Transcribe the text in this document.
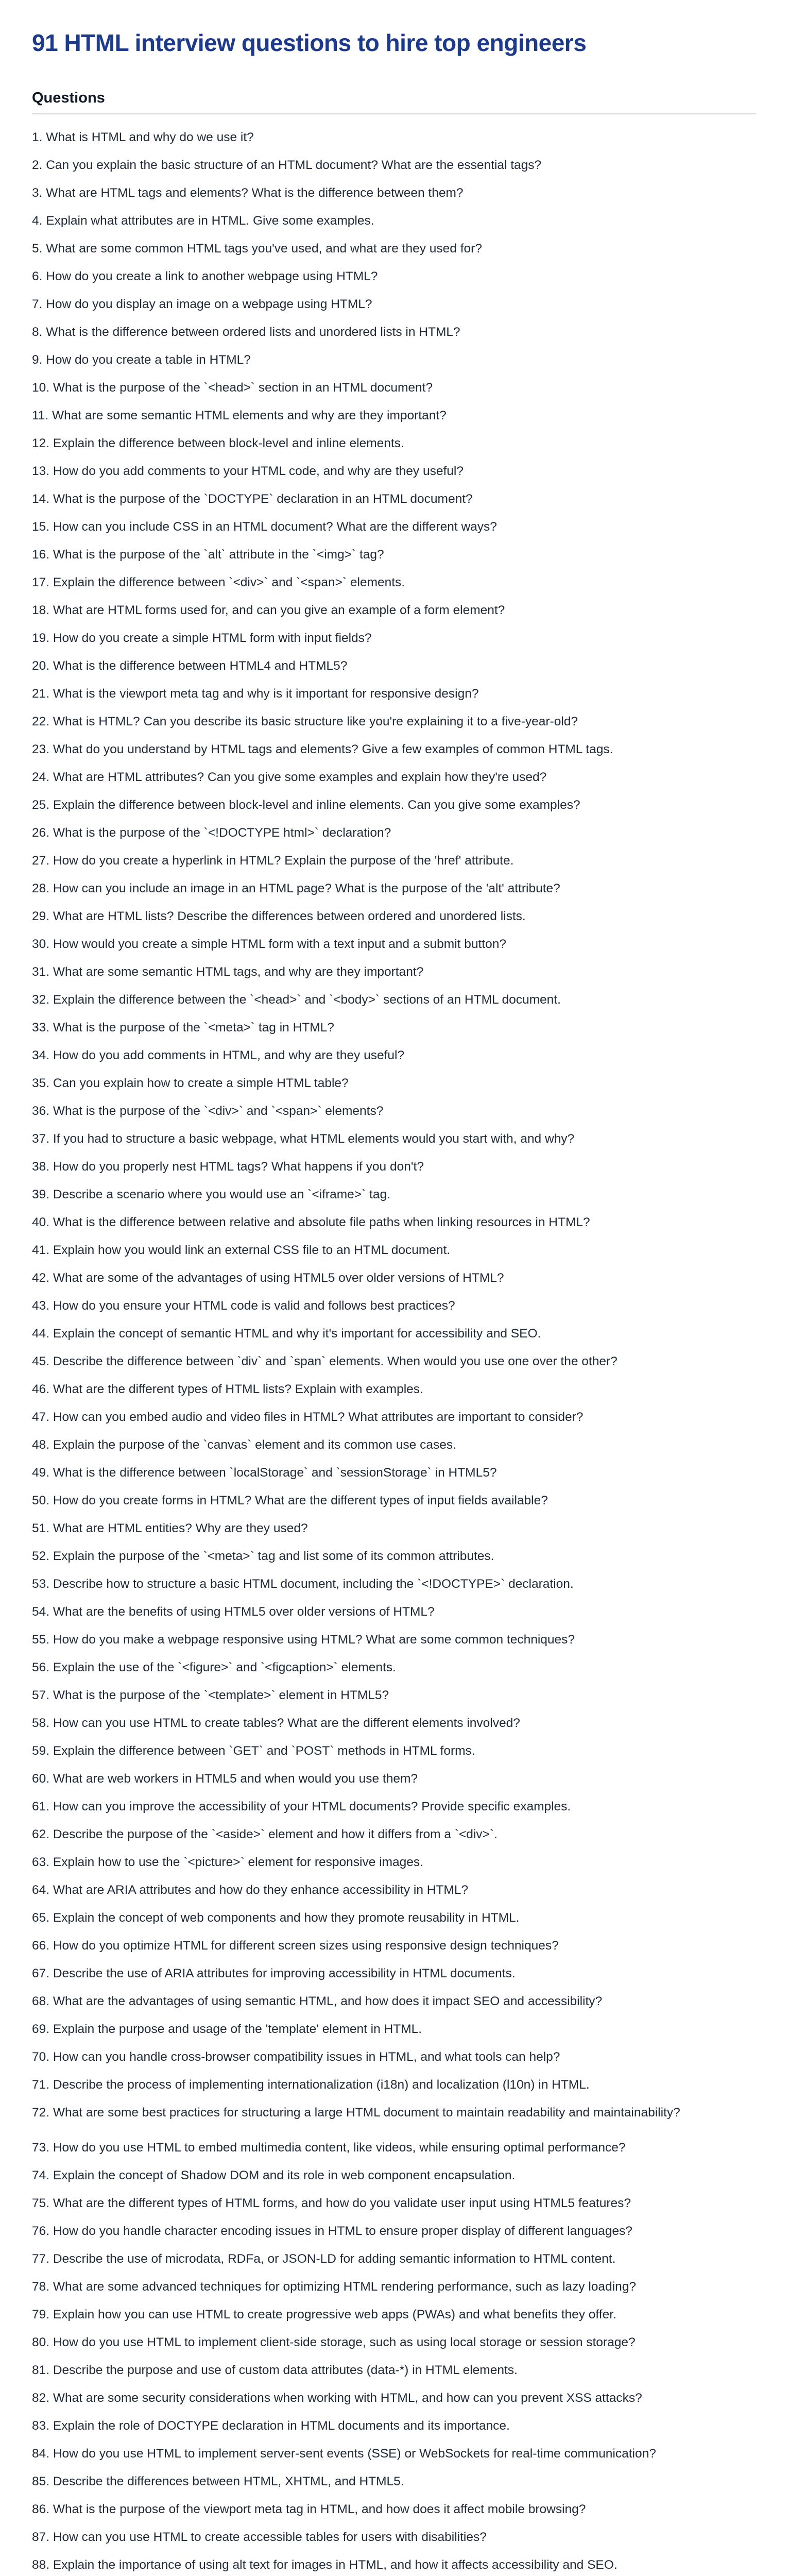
91 HTML interview questions to hire top engineers
Questions
1. What is HTML and why do we use it?
2. Can you explain the basic structure of an HTML document? What are the essential tags?
3. What are HTML tags and elements? What is the difference between them?
4. Explain what attributes are in HTML. Give some examples.
5. What are some common HTML tags you've used, and what are they used for?
6. How do you create a link to another webpage using HTML?
7. How do you display an image on a webpage using HTML?
8. What is the difference between ordered lists and unordered lists in HTML?
9. How do you create a table in HTML?
10. What is the purpose of the `<head>` section in an HTML document?
11. What are some semantic HTML elements and why are they important?
12. Explain the difference between block-level and inline elements.
13. How do you add comments to your HTML code, and why are they useful?
14. What is the purpose of the `DOCTYPE` declaration in an HTML document?
15. How can you include CSS in an HTML document? What are the different ways?
16. What is the purpose of the `alt` attribute in the `<img>` tag?
17. Explain the difference between `<div>` and `<span>` elements.
18. What are HTML forms used for, and can you give an example of a form element?
19. How do you create a simple HTML form with input fields?
20. What is the difference between HTML4 and HTML5?
21. What is the viewport meta tag and why is it important for responsive design?
22. What is HTML? Can you describe its basic structure like you're explaining it to a five-year-old?
23. What do you understand by HTML tags and elements? Give a few examples of common HTML tags.
24. What are HTML attributes? Can you give some examples and explain how they're used?
25. Explain the difference between block-level and inline elements. Can you give some examples?
26. What is the purpose of the `<!DOCTYPE html>` declaration?
27. How do you create a hyperlink in HTML? Explain the purpose of the 'href' attribute.
28. How can you include an image in an HTML page? What is the purpose of the 'alt' attribute?
29. What are HTML lists? Describe the differences between ordered and unordered lists.
30. How would you create a simple HTML form with a text input and a submit button?
31. What are some semantic HTML tags, and why are they important?
32. Explain the difference between the `<head>` and `<body>` sections of an HTML document.
33. What is the purpose of the `<meta>` tag in HTML?
34. How do you add comments in HTML, and why are they useful?
35. Can you explain how to create a simple HTML table?
36. What is the purpose of the `<div>` and `<span>` elements?
37. If you had to structure a basic webpage, what HTML elements would you start with, and why?
38. How do you properly nest HTML tags? What happens if you don't?
39. Describe a scenario where you would use an `<iframe>` tag.
40. What is the difference between relative and absolute file paths when linking resources in HTML?
41. Explain how you would link an external CSS file to an HTML document.
42. What are some of the advantages of using HTML5 over older versions of HTML?
43. How do you ensure your HTML code is valid and follows best practices?
44. Explain the concept of semantic HTML and why it's important for accessibility and SEO.
45. Describe the difference between `div` and `span` elements. When would you use one over the other?
46. What are the different types of HTML lists? Explain with examples.
47. How can you embed audio and video files in HTML? What attributes are important to consider?
48. Explain the purpose of the `canvas` element and its common use cases.
49. What is the difference between `localStorage` and `sessionStorage` in HTML5?
50. How do you create forms in HTML? What are the different types of input fields available?
51. What are HTML entities? Why are they used?
52. Explain the purpose of the `<meta>` tag and list some of its common attributes.
53. Describe how to structure a basic HTML document, including the `<!DOCTYPE>` declaration.
54. What are the benefits of using HTML5 over older versions of HTML?
55. How do you make a webpage responsive using HTML? What are some common techniques?
56. Explain the use of the `<figure>` and `<figcaption>` elements.
57. What is the purpose of the `<template>` element in HTML5?
58. How can you use HTML to create tables? What are the different elements involved?
59. Explain the difference between `GET` and `POST` methods in HTML forms.
60. What are web workers in HTML5 and when would you use them?
61. How can you improve the accessibility of your HTML documents? Provide specific examples.
62. Describe the purpose of the `<aside>` element and how it differs from a `<div>`.
63. Explain how to use the `<picture>` element for responsive images.
64. What are ARIA attributes and how do they enhance accessibility in HTML?
65. Explain the concept of web components and how they promote reusability in HTML.
66. How do you optimize HTML for different screen sizes using responsive design techniques?
67. Describe the use of ARIA attributes for improving accessibility in HTML documents.
68. What are the advantages of using semantic HTML, and how does it impact SEO and accessibility?
69. Explain the purpose and usage of the 'template' element in HTML.
70. How can you handle cross-browser compatibility issues in HTML, and what tools can help?
71. Describe the process of implementing internationalization (i18n) and localization (l10n) in HTML.
72. What are some best practices for structuring a large HTML document to maintain readability and maintainability?
73. How do you use HTML to embed multimedia content, like videos, while ensuring optimal performance?
74. Explain the concept of Shadow DOM and its role in web component encapsulation.
75. What are the different types of HTML forms, and how do you validate user input using HTML5 features?
76. How do you handle character encoding issues in HTML to ensure proper display of different languages?
77. Describe the use of microdata, RDFa, or JSON-LD for adding semantic information to HTML content.
78. What are some advanced techniques for optimizing HTML rendering performance, such as lazy loading?
79. Explain how you can use HTML to create progressive web apps (PWAs) and what benefits they offer.
80. How do you use HTML to implement client-side storage, such as using local storage or session storage?
81. Describe the purpose and use of custom data attributes (data-*) in HTML elements.
82. What are some security considerations when working with HTML, and how can you prevent XSS attacks?
83. Explain the role of DOCTYPE declaration in HTML documents and its importance.
84. How do you use HTML to implement server-sent events (SSE) or WebSockets for real-time communication?
85. Describe the differences between HTML, XHTML, and HTML5.
86. What is the purpose of the viewport meta tag in HTML, and how does it affect mobile browsing?
87. How can you use HTML to create accessible tables for users with disabilities?
88. Explain the importance of using alt text for images in HTML, and how it affects accessibility and SEO.
